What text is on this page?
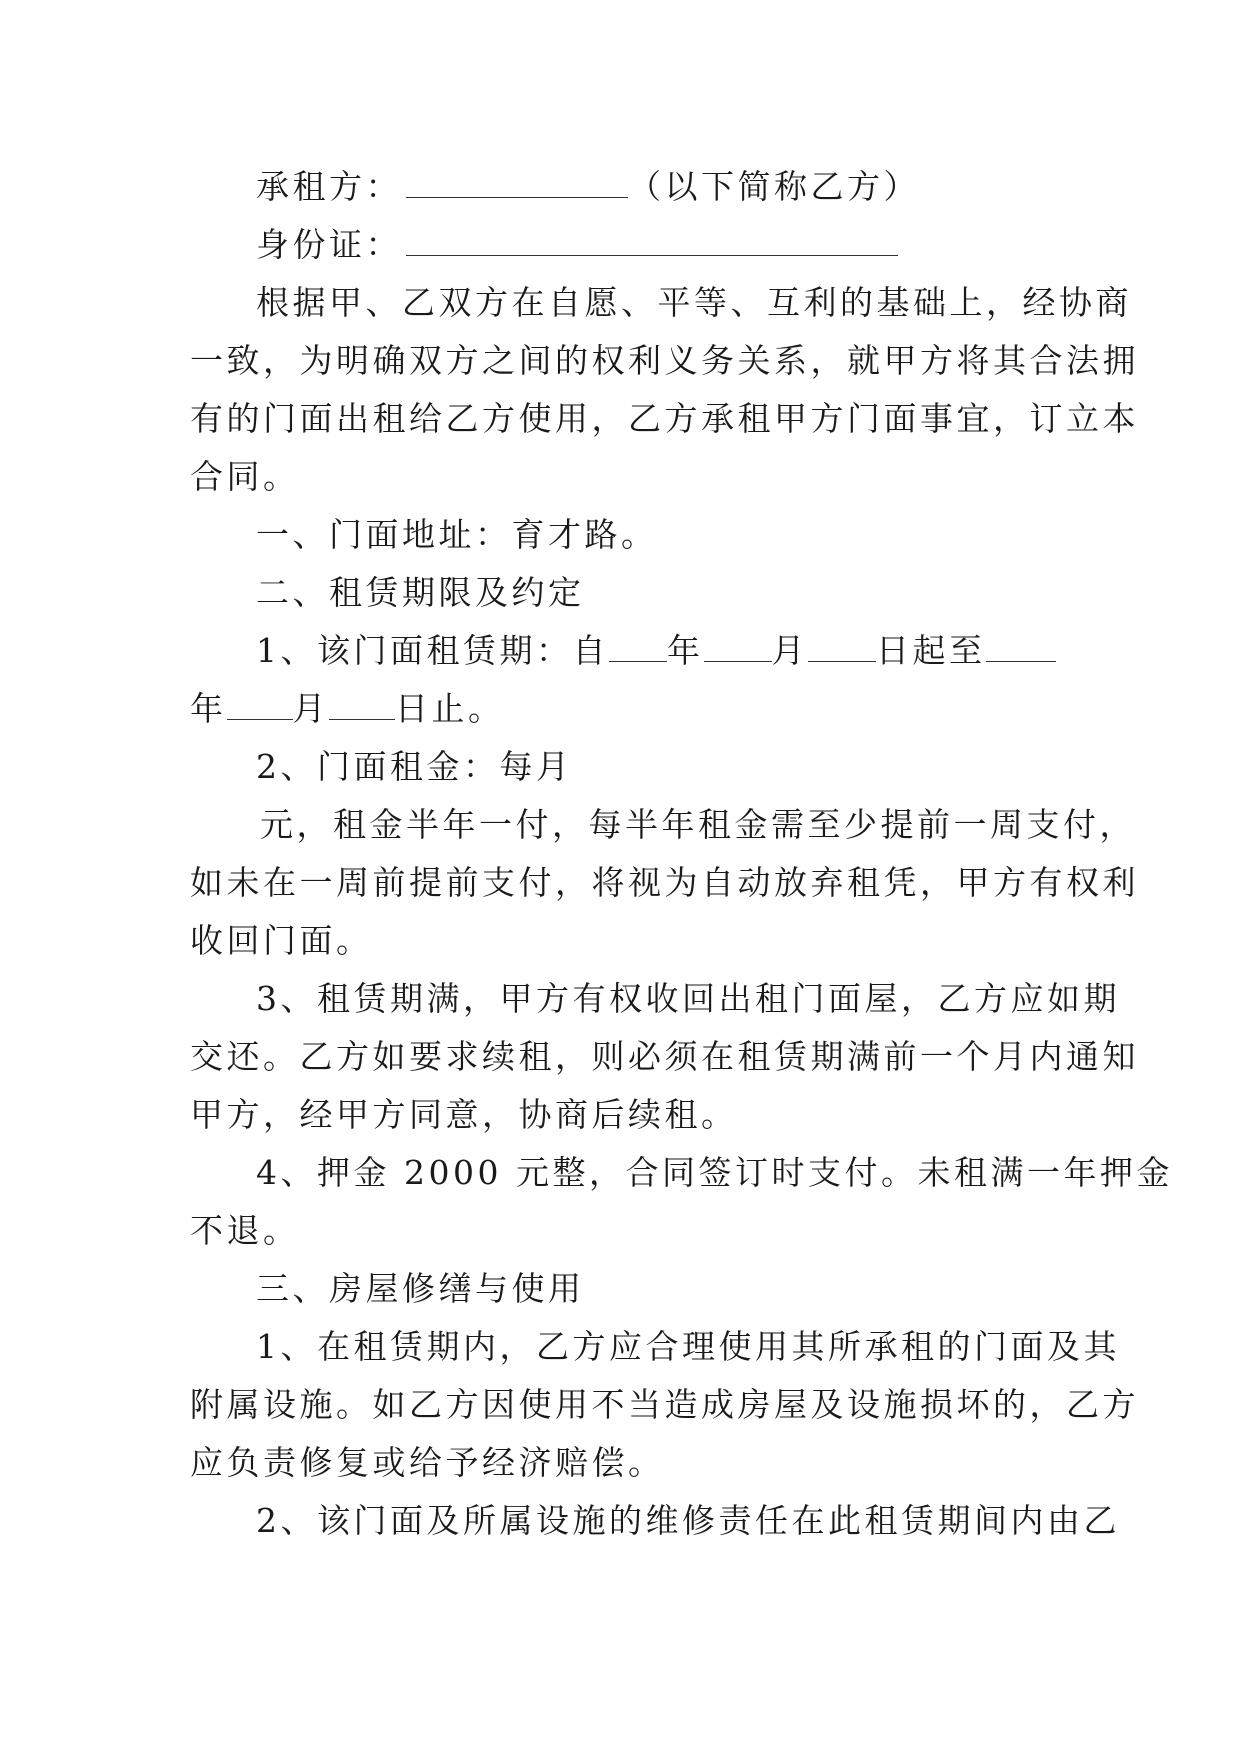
承租方：	（以下简称乙方）
身份证：
根据甲、乙双方在自愿、平等、互利的基础上，经协商
一致，为明确双方之间的权利义务关系，就甲方将其合法拥
有的门面出租给乙方使用，乙方承租甲方门面事宜，订立本
合同。
一、门面地址：育才路。
二、租赁期限及约定
1、该门面租赁期：自 年 月 日起至
年 月 日止。
2、门面租金：每月
元，租金半年一付，每半年租金需至少提前一周支付，
如未在一周前提前支付，将视为自动放弃租凭，甲方有权利
收回门面。
3、租赁期满，甲方有权收回出租门面屋，乙方应如期
交还。乙方如要求续租，则必须在租赁期满前一个月内通知
甲方，经甲方同意，协商后续租。
4、押金 2000 元整，合同签订时支付。未租满一年押金
不退。
三、房屋修缮与使用
1、在租赁期内，乙方应合理使用其所承租的门面及其
附属设施。如乙方因使用不当造成房屋及设施损坏的，乙方
应负责修复或给予经济赔偿。
2、该门面及所属设施的维修责任在此租赁期间内由乙
